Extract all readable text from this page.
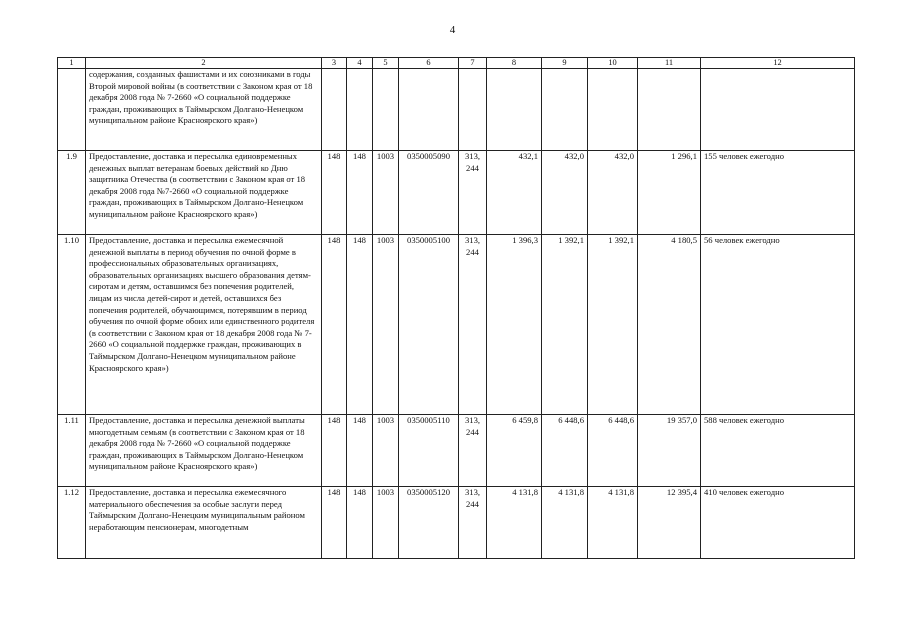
4
1	2	3	4	5	6	7	8	9	10	11	12
	содержания, созданных фашистами и их союзниками в годы Второй мировой войны (в соответствии с Законом края от 18 декабря 2008 года № 7-2660 «О социальной поддержке граждан, проживающих в Таймырском Долгано-Ненецком муниципальном районе Красноярского края»)										
1.9	Предоставление, доставка и пересылка единовременных денежных выплат ветеранам боевых действий ко Дню защитника Отечества (в соответствии с Законом края от 18 декабря 2008 года №7-2660 «О социальной поддержке граждан, проживающих в Таймырском Долгано-Ненецком муниципальном районе Красноярского края»)	148	148	1003	0350005090	313, 244	432,1	432,0	432,0	1 296,1	155 человек ежегодно
1.10	Предоставление, доставка и пересылка ежемесячной денежной выплаты в период обучения по очной форме в профессиональных образовательных организациях, образовательных организациях высшего образования детям-сиротам и детям, оставшимся без попечения родителей, лицам из числа детей-сирот и детей, оставшихся без попечения родителей, обучающимся, потерявшим в период обучения по очной форме обоих или единственного родителя (в соответствии с Законом края от 18 декабря 2008 года № 7-2660 «О социальной поддержке граждан, проживающих в Таймырском Долгано-Ненецком муниципальном районе Красноярского края»)	148	148	1003	0350005100	313, 244	1 396,3	1 392,1	1 392,1	4 180,5	56 человек ежегодно
1.11	Предоставление, доставка и пересылка денежной выплаты многодетным семьям (в соответствии с Законом края от 18 декабря 2008 года № 7-2660 «О социальной поддержке граждан, проживающих в Таймырском Долгано-Ненецком муниципальном районе Красноярского края»)	148	148	1003	0350005110	313, 244	6 459,8	6 448,6	6 448,6	19 357,0	588 человек ежегодно
1.12	Предоставление, доставка и пересылка ежемесячного материального обеспечения за особые заслуги перед Таймырским Долгано-Ненецким муниципальным районом неработающим пенсионерам, многодетным	148	148	1003	0350005120	313, 244	4 131,8	4 131,8	4 131,8	12 395,4	410 человек ежегодно
